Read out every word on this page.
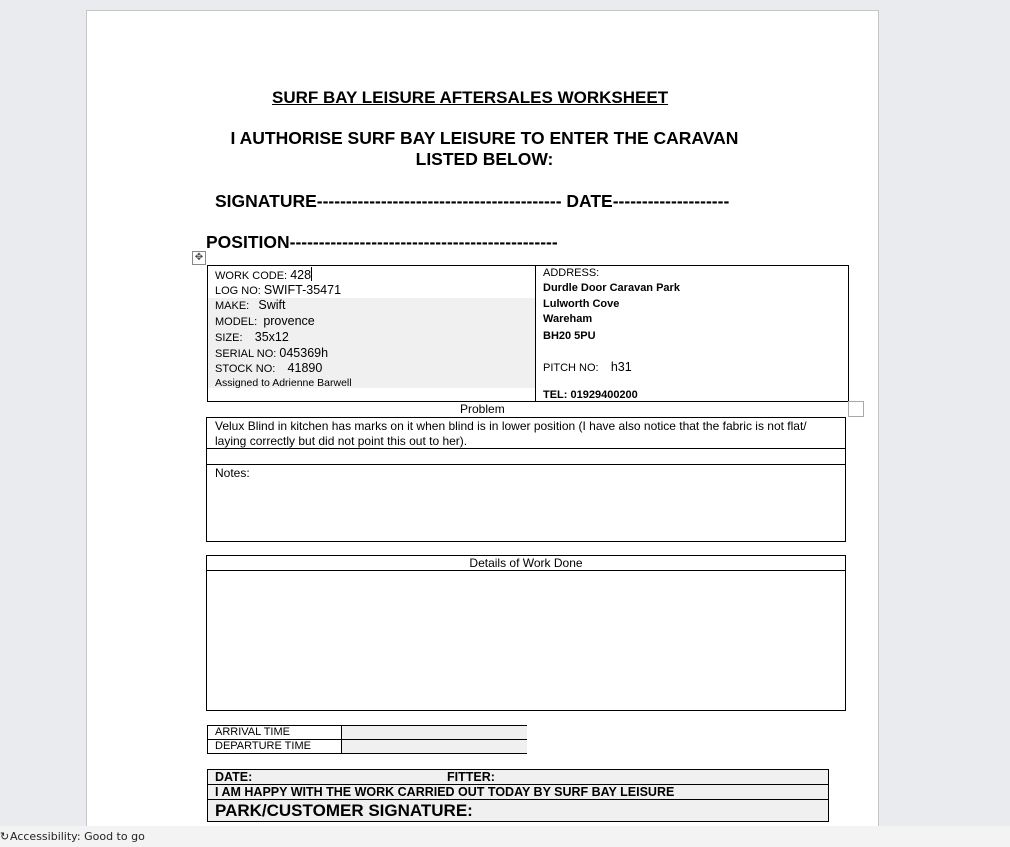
SURF BAY LEISURE AFTERSALES WORKSHEET
I AUTHORISE SURF BAY LEISURE TO ENTER THE CARAVAN LISTED BELOW:
SIGNATURE------------------------------------------ DATE--------------------
POSITION----------------------------------------------
✥
WORK CODE: 428
LOG NO: SWIFT-35471
MAKE: Swift
MODEL: provence
SIZE: 35x12
SERIAL NO: 045369h
STOCK NO: 41890
Assigned to Adrienne Barwell
ADDRESS:
Durdle Door Caravan Park
Lulworth Cove
Wareham
BH20 5PU
PITCH NO: h31
TEL: 01929400200
Problem
Velux Blind in kitchen has marks on it when blind is in lower position (I have also notice that the fabric is not flat/ laying correctly but did not point this out to her).
Notes:
Details of Work Done
ARRIVAL TIME
DEPARTURE TIME
DATE:	FITTER:
I AM HAPPY WITH THE WORK CARRIED OUT TODAY BY SURF BAY LEISURE
PARK/CUSTOMER SIGNATURE:
↻ Accessibility: Good to go
